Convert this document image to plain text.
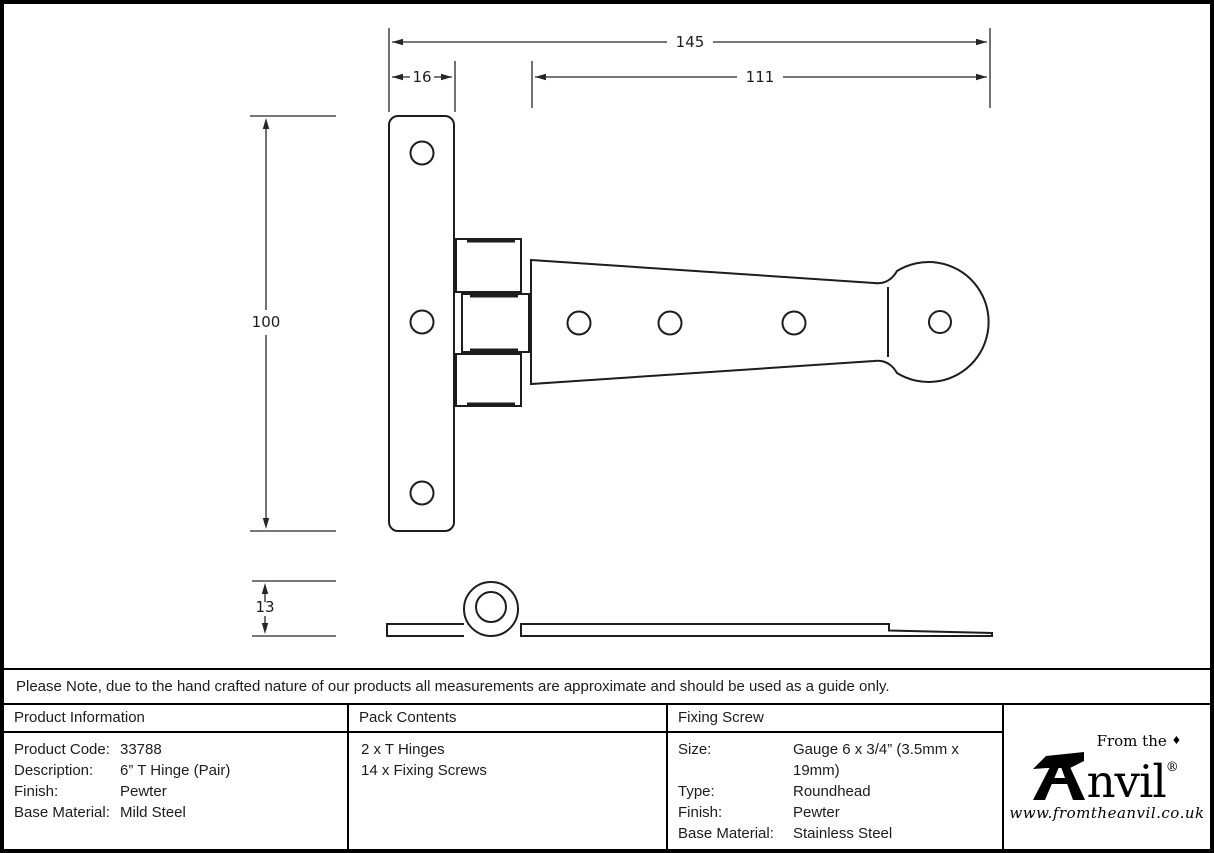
145
16	111
100
13
Please Note, due to the hand crafted nature of our products all measurements are approximate and should be used as a guide only.
Product Information
Product Code: 33788
Description:	6” T Hinge (Pair)
Finish:	Pewter
Base Material: Mild Steel
Pack Contents
2 x T Hinges
14 x Fixing Screws
Fixing Screw
Size:	Gauge 6 x 3/4” (3.5mm x 19mm)
Type:	Roundhead
Finish:	Pewter
Base Material:	Stainless Steel
From the ♦
nvil®
www.fromtheanvil.co.uk
